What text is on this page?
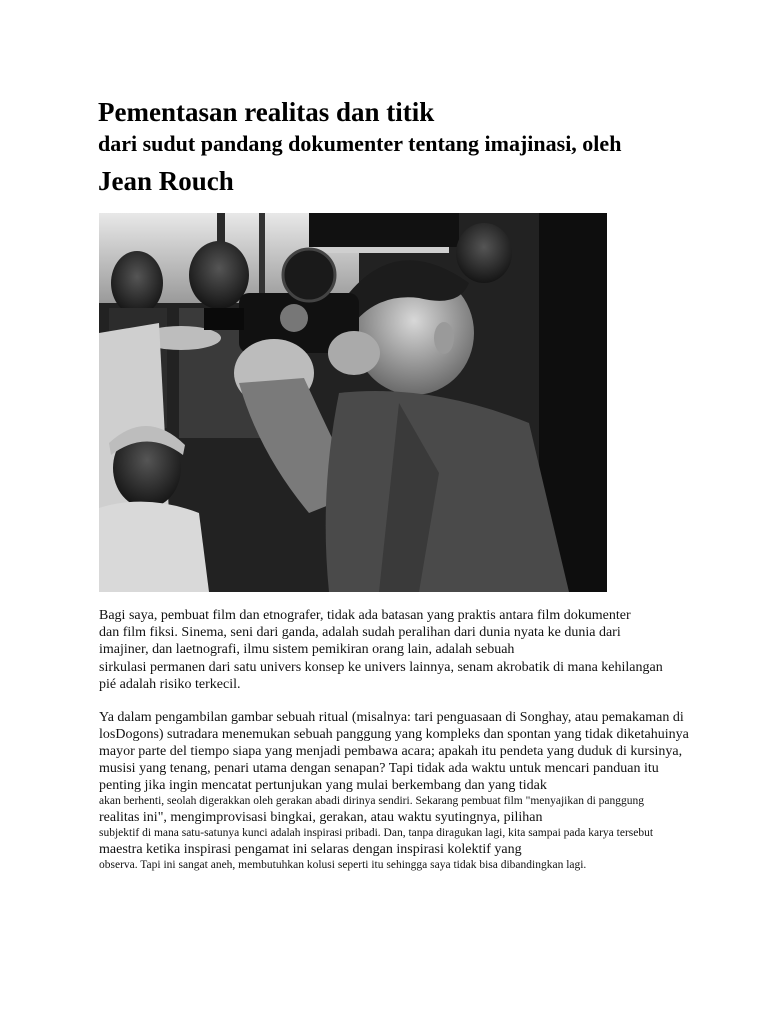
Pementasan realitas dan titik
dari sudut pandang dokumenter tentang imajinasi, oleh
Jean Rouch

Bagi saya, pembuat film dan etnografer, tidak ada batasan yang praktis antara film dokumenter
dan film fiksi. Sinema, seni dari ganda, adalah sudah peralihan dari dunia nyata ke dunia dari
imajiner, dan laetnografi, ilmu sistem pemikiran orang lain, adalah sebuah
sirkulasi permanen dari satu univers konsep ke univers lainnya, senam akrobatik di mana kehilangan
pié adalah risiko terkecil.

Ya dalam pengambilan gambar sebuah ritual (misalnya: tari penguasaan di Songhay, atau pemakaman di
losDogons) sutradara menemukan sebuah panggung yang kompleks dan spontan yang tidak diketahuinya
mayor parte del tiempo siapa yang menjadi pembawa acara; apakah itu pendeta yang duduk di kursinya,
musisi yang tenang, penari utama dengan senapan? Tapi tidak ada waktu untuk mencari panduan itu
penting jika ingin mencatat pertunjukan yang mulai berkembang dan yang tidak
akan berhenti, seolah digerakkan oleh gerakan abadi dirinya sendiri. Sekarang pembuat film "menyajikan di panggung
realitas ini", mengimprovisasi bingkai, gerakan, atau waktu syutingnya, pilihan
subjektif di mana satu-satunya kunci adalah inspirasi pribadi. Dan, tanpa diragukan lagi, kita sampai pada karya tersebut
maestra ketika inspirasi pengamat ini selaras dengan inspirasi kolektif yang
observa. Tapi ini sangat aneh, membutuhkan kolusi seperti itu sehingga saya tidak bisa dibandingkan lagi.
